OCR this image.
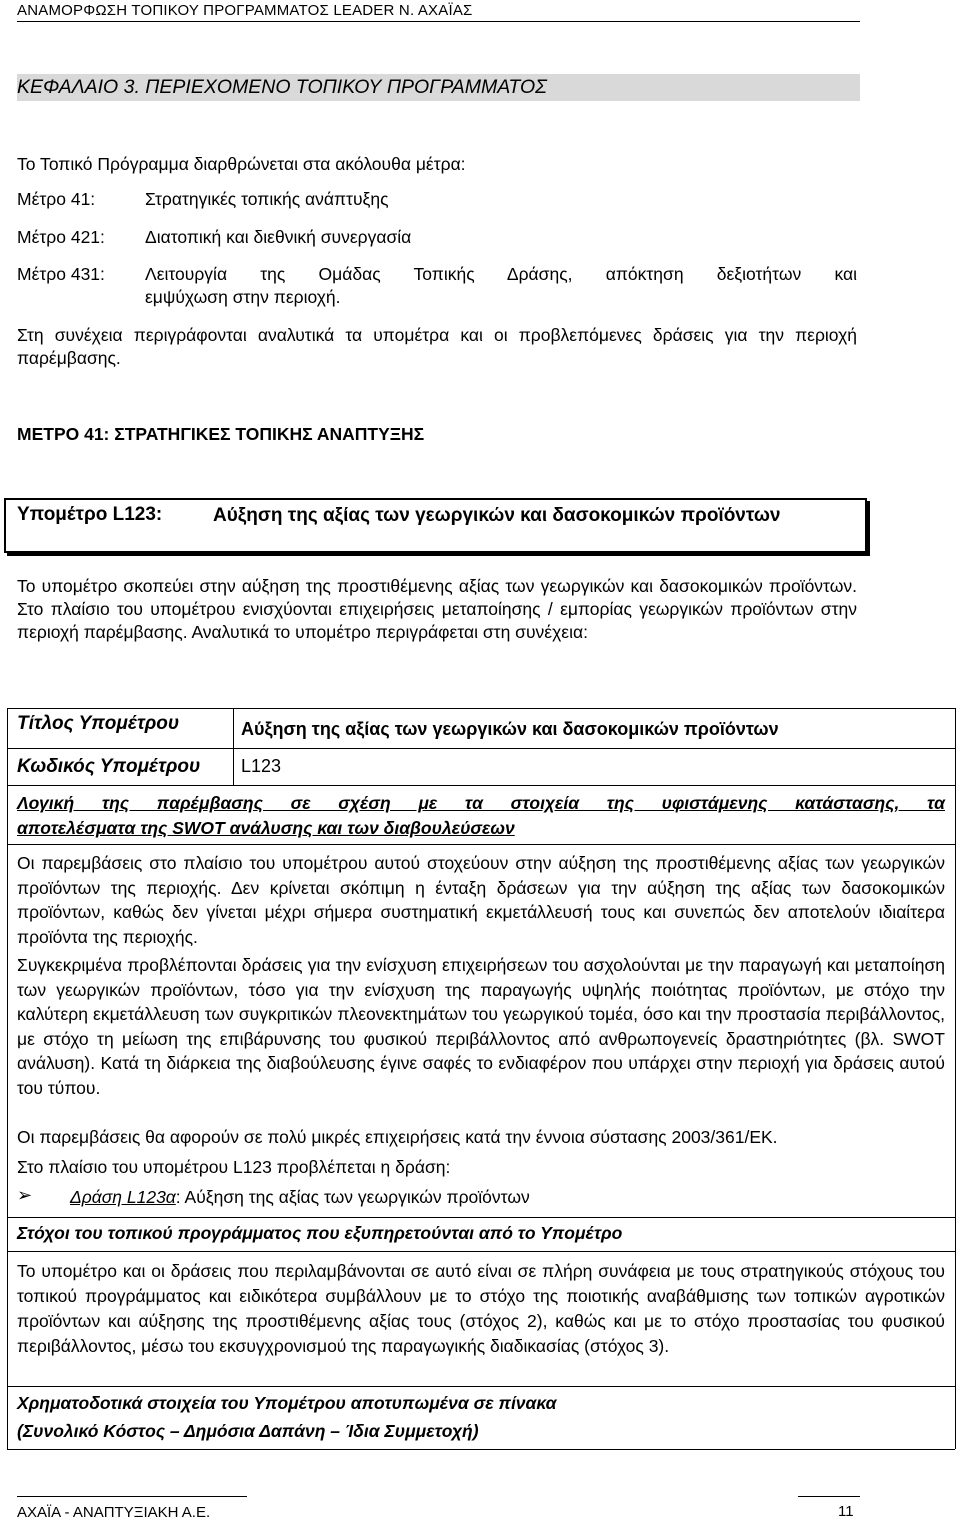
ΑΝΑΜΟΡΦΩΣΗ ΤΟΠΙΚΟΥ ΠΡΟΓΡΑΜΜΑΤΟΣ LEADER Ν. ΑΧΑΪΑΣ
ΚΕΦΑΛΑΙΟ 3. ΠΕΡΙΕΧΟΜΕΝΟ ΤΟΠΙΚΟΥ ΠΡΟΓΡΑΜΜΑΤΟΣ
Το Τοπικό Πρόγραμμα διαρθρώνεται στα ακόλουθα μέτρα:
Μέτρο 41:	Στρατηγικές τοπικής ανάπτυξης
Μέτρο 421: Διατοπική και διεθνική συνεργασία
Μέτρο 431: Λειτουργία της Ομάδας Τοπικής Δράσης, απόκτηση δεξιοτήτων και
εμψύχωση στην περιοχή.
Στη συνέχεια περιγράφονται αναλυτικά τα υπομέτρα και οι προβλεπόμενες δράσεις για την περιοχή παρέμβασης.
ΜΕΤΡΟ 41: ΣΤΡΑΤΗΓΙΚΕΣ ΤΟΠΙΚΗΣ ΑΝΑΠΤΥΞΗΣ
Υπομέτρο L123:	Αύξηση της αξίας των γεωργικών και δασοκομικών προϊόντων
Το υπομέτρο σκοπεύει στην αύξηση της προστιθέμενης αξίας των γεωργικών και δασοκομικών προϊόντων. Στο πλαίσιο του υπομέτρου ενισχύονται επιχειρήσεις μεταποίησης / εμπορίας γεωργικών προϊόντων στην περιοχή παρέμβασης. Αναλυτικά το υπομέτρο περιγράφεται στη συνέχεια:
Τίτλος Υπομέτρου	Αύξηση της αξίας των γεωργικών και δασοκομικών προϊόντων
Κωδικός Υπομέτρου L123
Λογική της παρέμβασης σε σχέση με τα στοιχεία της υφιστάμενης κατάστασης, τα
αποτελέσματα της SWOT ανάλυσης και των διαβουλεύσεων
Οι παρεμβάσεις στο πλαίσιο του υπομέτρου αυτού στοχεύουν στην αύξηση της προστιθέμενης αξίας των γεωργικών προϊόντων της περιοχής. Δεν κρίνεται σκόπιμη η ένταξη δράσεων για την αύξηση της αξίας των δασοκομικών προϊόντων, καθώς δεν γίνεται μέχρι σήμερα συστηματική εκμετάλλευσή τους και συνεπώς δεν αποτελούν ιδιαίτερα προϊόντα της περιοχής.
Συγκεκριμένα προβλέπονται δράσεις για την ενίσχυση επιχειρήσεων του ασχολούνται με την παραγωγή και μεταποίηση των γεωργικών προϊόντων, τόσο για την ενίσχυση της παραγωγής υψηλής ποιότητας προϊόντων, με στόχο την καλύτερη εκμετάλλευση των συγκριτικών πλεονεκτημάτων του γεωργικού τομέα, όσο και την προστασία περιβάλλοντος, με στόχο τη μείωση της επιβάρυνσης του φυσικού περιβάλλοντος από ανθρωπογενείς δραστηριότητες (βλ. SWOT ανάλυση). Κατά τη διάρκεια της διαβούλευσης έγινε σαφές το ενδιαφέρον που υπάρχει στην περιοχή για δράσεις αυτού του τύπου.
Οι παρεμβάσεις θα αφορούν σε πολύ μικρές επιχειρήσεις κατά την έννοια σύστασης 2003/361/ΕΚ.
Στο πλαίσιο του υπομέτρου L123 προβλέπεται η δράση:
➢ Δράση L123α: Αύξηση της αξίας των γεωργικών προϊόντων
Στόχοι του τοπικού προγράμματος που εξυπηρετούνται από το Υπομέτρο
Το υπομέτρο και οι δράσεις που περιλαμβάνονται σε αυτό είναι σε πλήρη συνάφεια με τους στρατηγικούς στόχους του τοπικού προγράμματος και ειδικότερα συμβάλλουν με το στόχο της ποιοτικής αναβάθμισης των τοπικών αγροτικών προϊόντων και αύξησης της προστιθέμενης αξίας τους (στόχος 2), καθώς και με το στόχο προστασίας του φυσικού περιβάλλοντος, μέσω του εκσυγχρονισμού της παραγωγικής διαδικασίας (στόχος 3).
Χρηματοδοτικά στοιχεία του Υπομέτρου αποτυπωμένα σε πίνακα
(Συνολικό Κόστος – Δημόσια Δαπάνη – Ίδια Συμμετοχή)
ΑΧΑΪΑ - ΑΝΑΠΤΥΞΙΑΚΗ Α.Ε.	11
